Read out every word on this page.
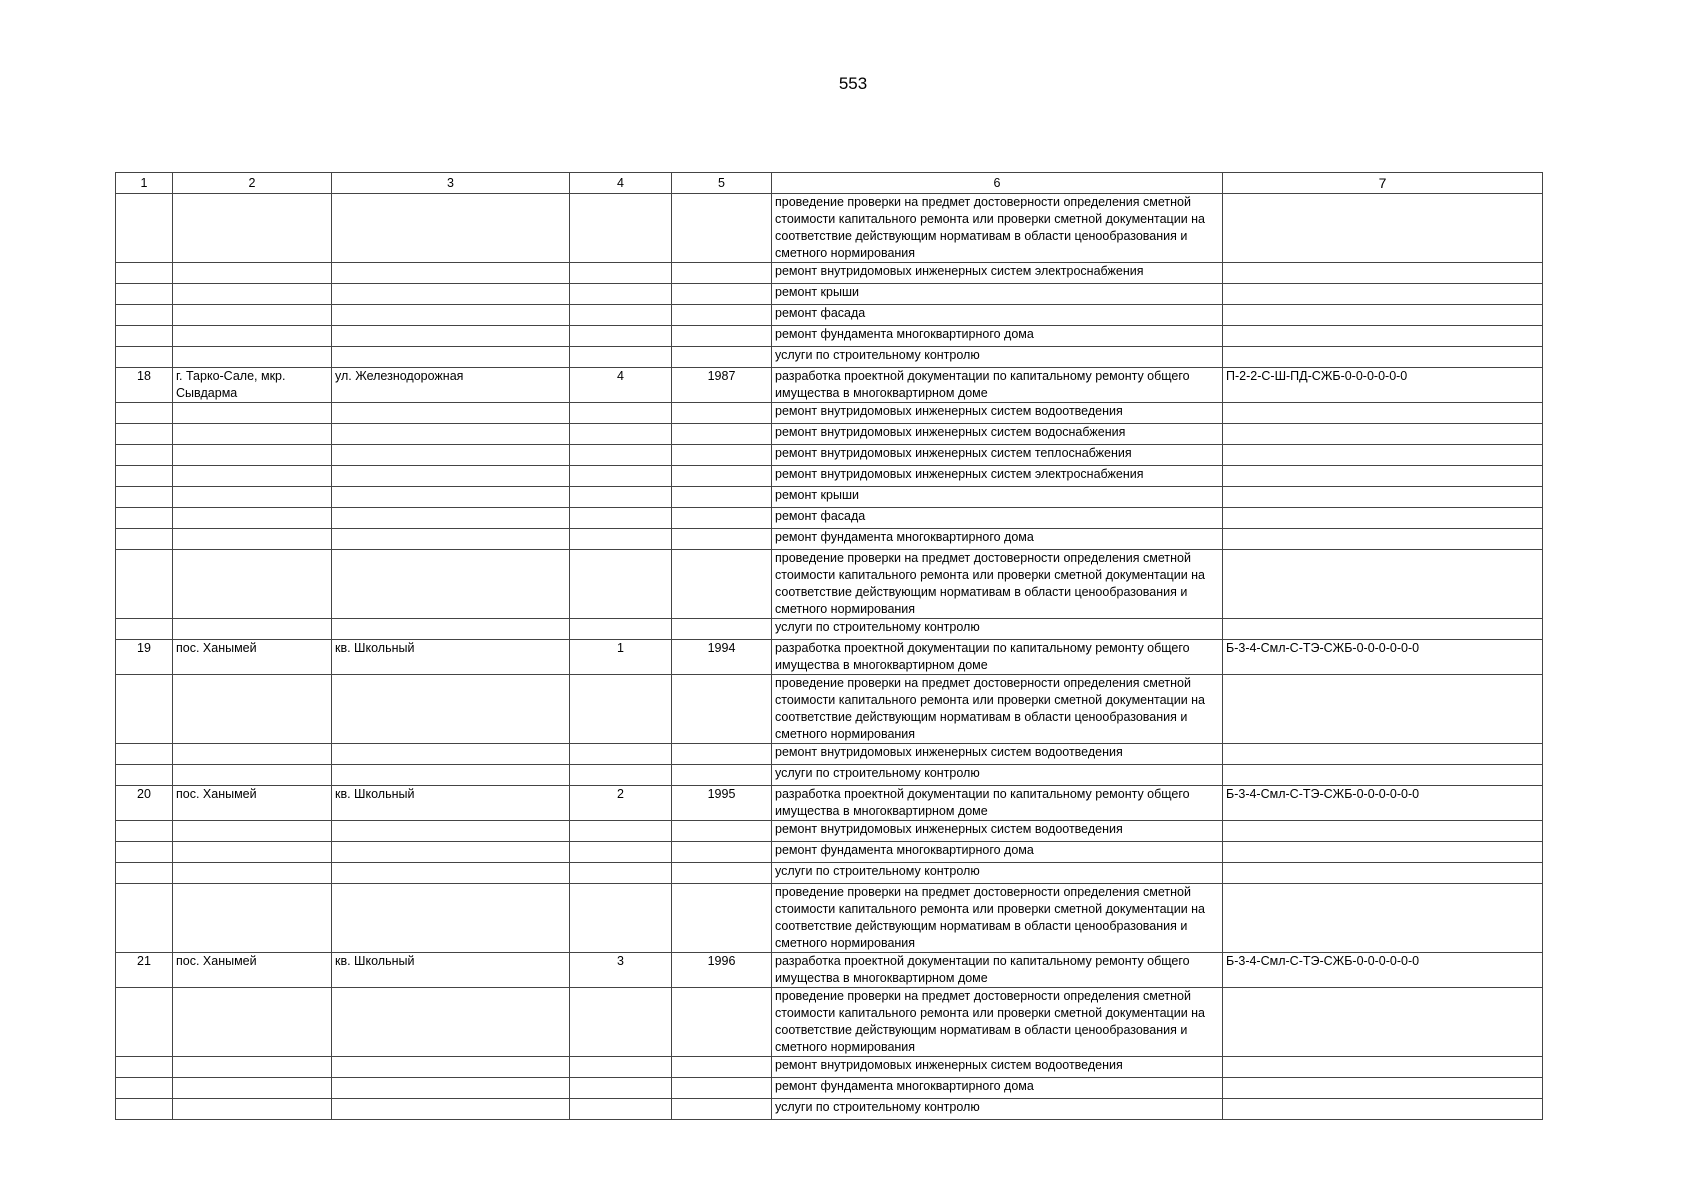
553
1	2	3	4	5	6	7
					проведение проверки на предмет достоверности определения сметной стоимости капитального ремонта или проверки сметной документации на соответствие действующим нормативам в области ценообразования и сметного нормирования	
					ремонт внутридомовых инженерных систем электроснабжения	
					ремонт крыши	
					ремонт фасада	
					ремонт фундамента многоквартирного дома	
					услуги по строительному контролю	
18	г. Тарко-Сале, мкр. Сывдарма	ул. Железнодорожная	4	1987	разработка проектной документации по капитальному ремонту общего имущества в многоквартирном доме	П-2-2-С-Ш-ПД-СЖБ-0-0-0-0-0-0
					ремонт внутридомовых инженерных систем водоотведения	
					ремонт внутридомовых инженерных систем водоснабжения	
					ремонт внутридомовых инженерных систем теплоснабжения	
					ремонт внутридомовых инженерных систем электроснабжения	
					ремонт крыши	
					ремонт фасада	
					ремонт фундамента многоквартирного дома	
					проведение проверки на предмет достоверности определения сметной стоимости капитального ремонта или проверки сметной документации на соответствие действующим нормативам в области ценообразования и сметного нормирования	
					услуги по строительному контролю	
19	пос. Ханымей	кв. Школьный	1	1994	разработка проектной документации по капитальному ремонту общего имущества в многоквартирном доме	Б-3-4-Смл-С-ТЭ-СЖБ-0-0-0-0-0-0
					проведение проверки на предмет достоверности определения сметной стоимости капитального ремонта или проверки сметной документации на соответствие действующим нормативам в области ценообразования и сметного нормирования	
					ремонт внутридомовых инженерных систем водоотведения	
					услуги по строительному контролю	
20	пос. Ханымей	кв. Школьный	2	1995	разработка проектной документации по капитальному ремонту общего имущества в многоквартирном доме	Б-3-4-Смл-С-ТЭ-СЖБ-0-0-0-0-0-0
					ремонт внутридомовых инженерных систем водоотведения	
					ремонт фундамента многоквартирного дома	
					услуги по строительному контролю	
					проведение проверки на предмет достоверности определения сметной стоимости капитального ремонта или проверки сметной документации на соответствие действующим нормативам в области ценообразования и сметного нормирования	
21	пос. Ханымей	кв. Школьный	3	1996	разработка проектной документации по капитальному ремонту общего имущества в многоквартирном доме	Б-3-4-Смл-С-ТЭ-СЖБ-0-0-0-0-0-0
					проведение проверки на предмет достоверности определения сметной стоимости капитального ремонта или проверки сметной документации на соответствие действующим нормативам в области ценообразования и сметного нормирования	
					ремонт внутридомовых инженерных систем водоотведения	
					ремонт фундамента многоквартирного дома	
					услуги по строительному контролю	
